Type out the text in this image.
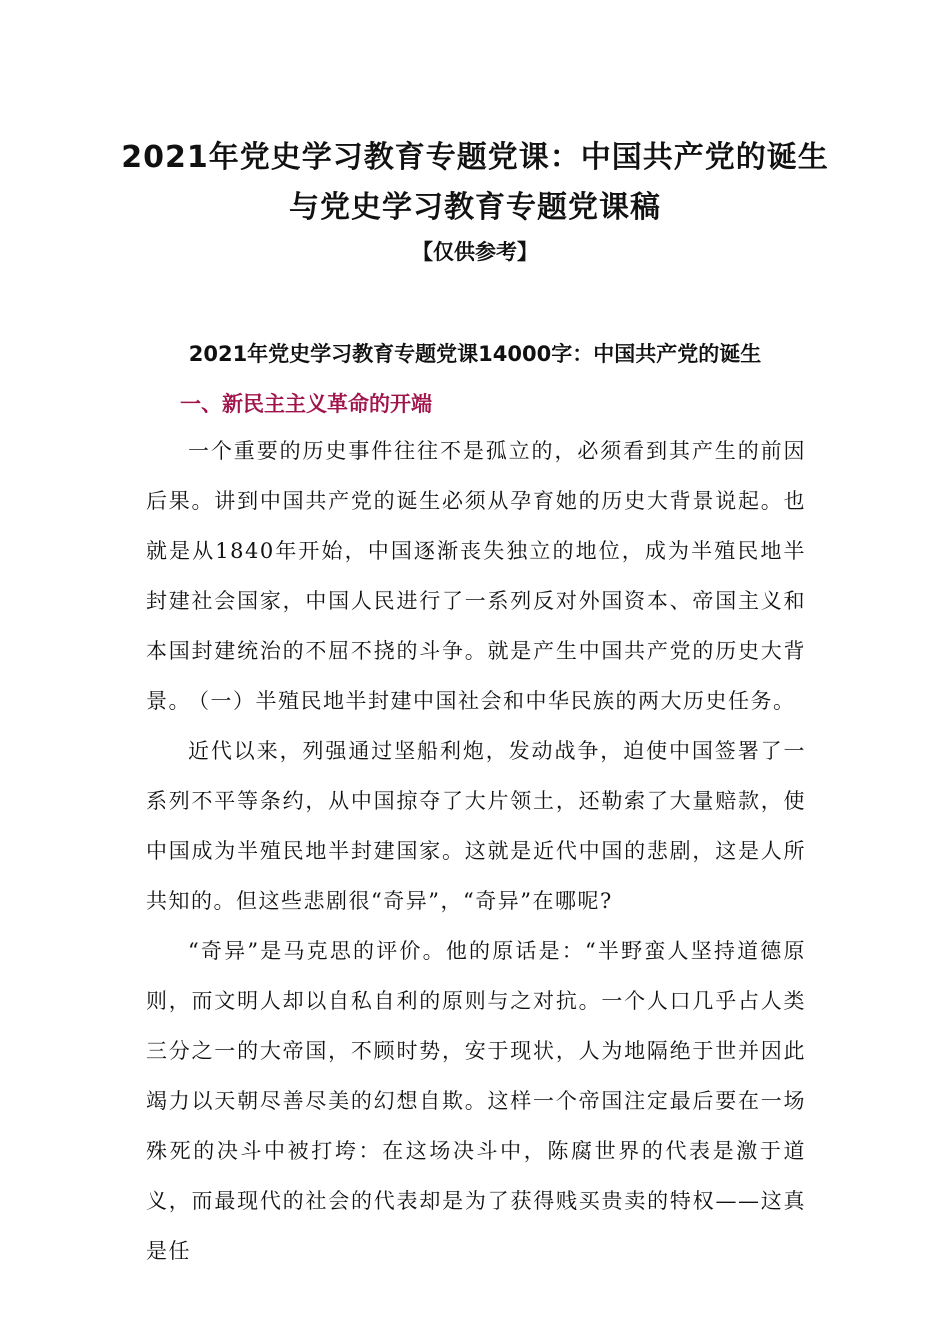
2021年党史学习教育专题党课：中国共产党的诞生
与党史学习教育专题党课稿

【仅供参考】

2021年党史学习教育专题党课14000字：中国共产党的诞生
一、新民主主义革命的开端

一个重要的历史事件往往不是孤立的，必须看到其产生的前因后果。讲到中国共产党的诞生必须从孕育她的历史大背景说起。也就是从1840年开始，中国逐渐丧失独立的地位，成为半殖民地半封建社会国家，中国人民进行了一系列反对外国资本、帝国主义和本国封建统治的不屈不挠的斗争。就是产生中国共产党的历史大背景。

（一）半殖民地半封建中国社会和中华民族的两大历史任务。

近代以来，列强通过坚船利炮，发动战争，迫使中国签署了一系列不平等条约，从中国掠夺了大片领土，还勒索了大量赔款，使中国成为半殖民地半封建国家。这就是近代中国的悲剧，这是人所共知的。但这些悲剧很“奇异”，“奇异”在哪呢?

“奇异”是马克思的评价。他的原话是：“半野蛮人坚持道德原则，而文明人却以自私自利的原则与之对抗。一个人口几乎占人类三分之一的大帝国，不顾时势，安于现状，人为地隔绝于世并因此竭力以天朝尽善尽美的幻想自欺。这样一个帝国注定最后要在一场殊死的决斗中被打垮：在这场决斗中，陈腐世界的代表是激于道义，而最现代的社会的代表却是为了获得贱买贵卖的特权——这真是任
